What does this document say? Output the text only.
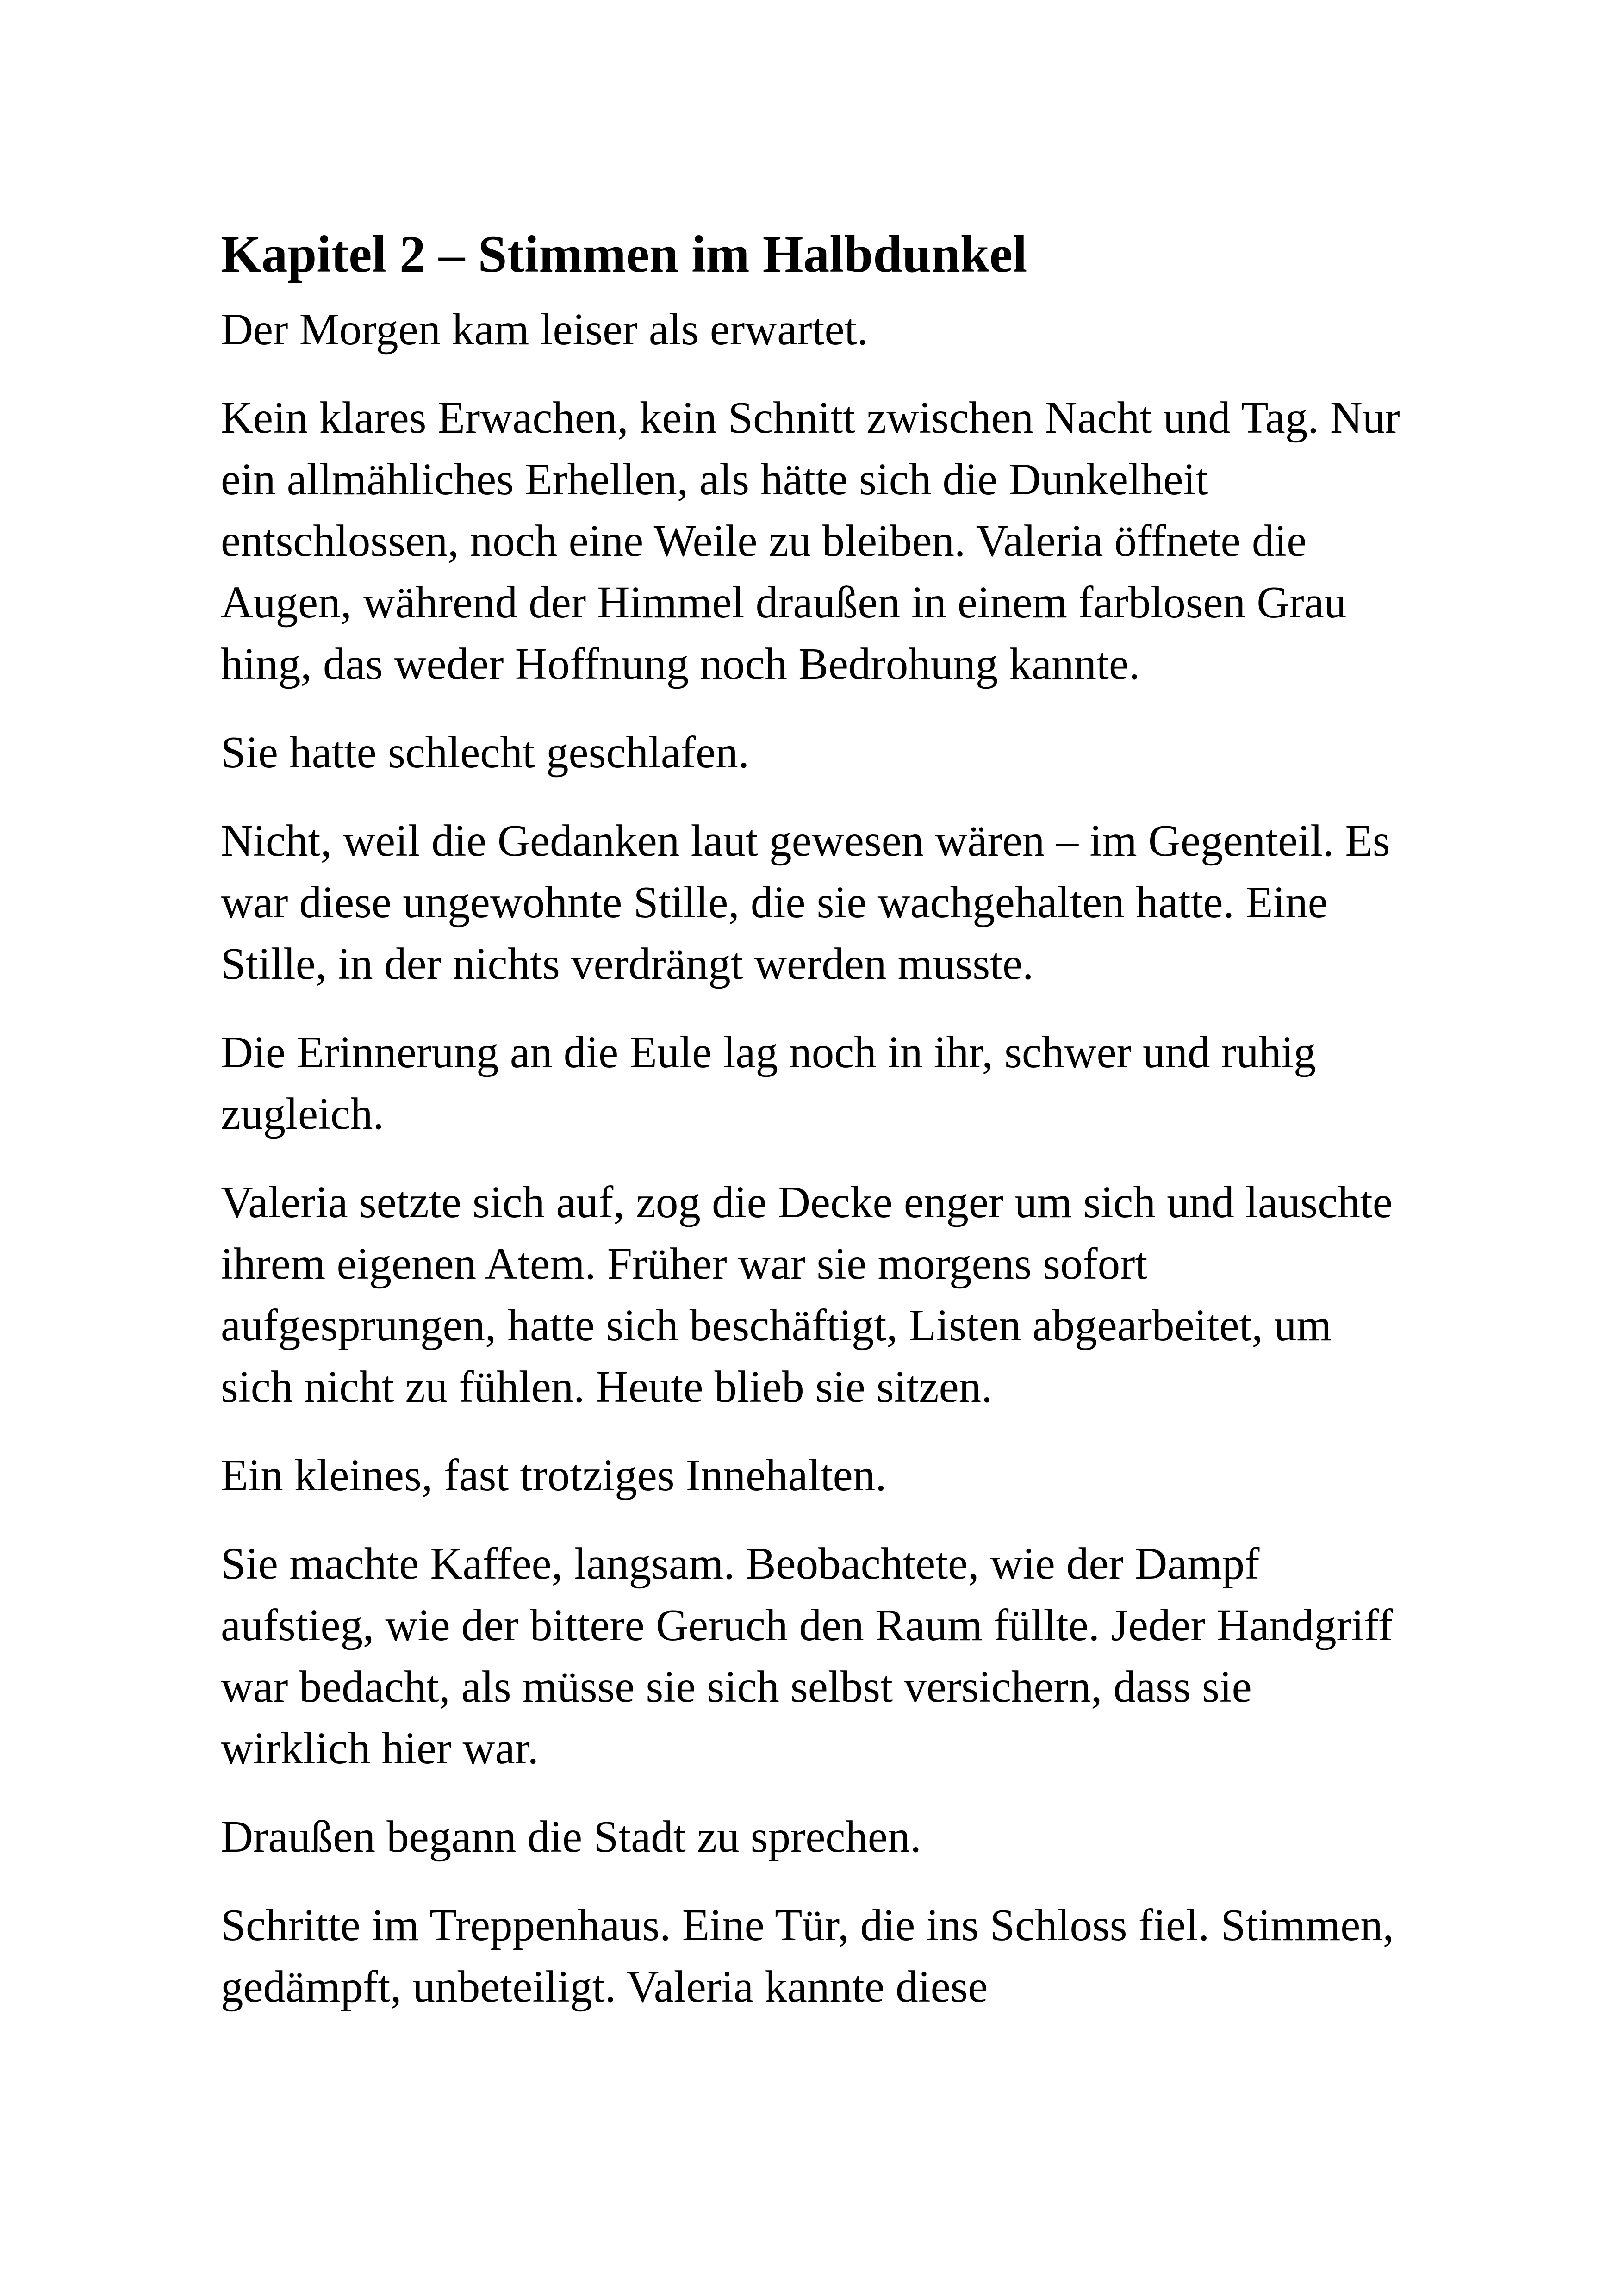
Kapitel 2 – Stimmen im Halbdunkel

Der Morgen kam leiser als erwartet.

Kein klares Erwachen, kein Schnitt zwischen Nacht und Tag. Nur ein allmähliches Erhellen, als hätte sich die Dunkelheit entschlossen, noch eine Weile zu bleiben. Valeria öffnete die Augen, während der Himmel draußen in einem farblosen Grau hing, das weder Hoffnung noch Bedrohung kannte.

Sie hatte schlecht geschlafen.

Nicht, weil die Gedanken laut gewesen wären – im Gegenteil. Es war diese ungewohnte Stille, die sie wachgehalten hatte. Eine Stille, in der nichts verdrängt werden musste.

Die Erinnerung an die Eule lag noch in ihr, schwer und ruhig zugleich.

Valeria setzte sich auf, zog die Decke enger um sich und lauschte ihrem eigenen Atem. Früher war sie morgens sofort aufgesprungen, hatte sich beschäftigt, Listen abgearbeitet, um sich nicht zu fühlen. Heute blieb sie sitzen.

Ein kleines, fast trotziges Innehalten.

Sie machte Kaffee, langsam. Beobachtete, wie der Dampf aufstieg, wie der bittere Geruch den Raum füllte. Jeder Handgriff war bedacht, als müsse sie sich selbst versichern, dass sie wirklich hier war.

Draußen begann die Stadt zu sprechen.

Schritte im Treppenhaus. Eine Tür, die ins Schloss fiel. Stimmen, gedämpft, unbeteiligt. Valeria kannte diese
